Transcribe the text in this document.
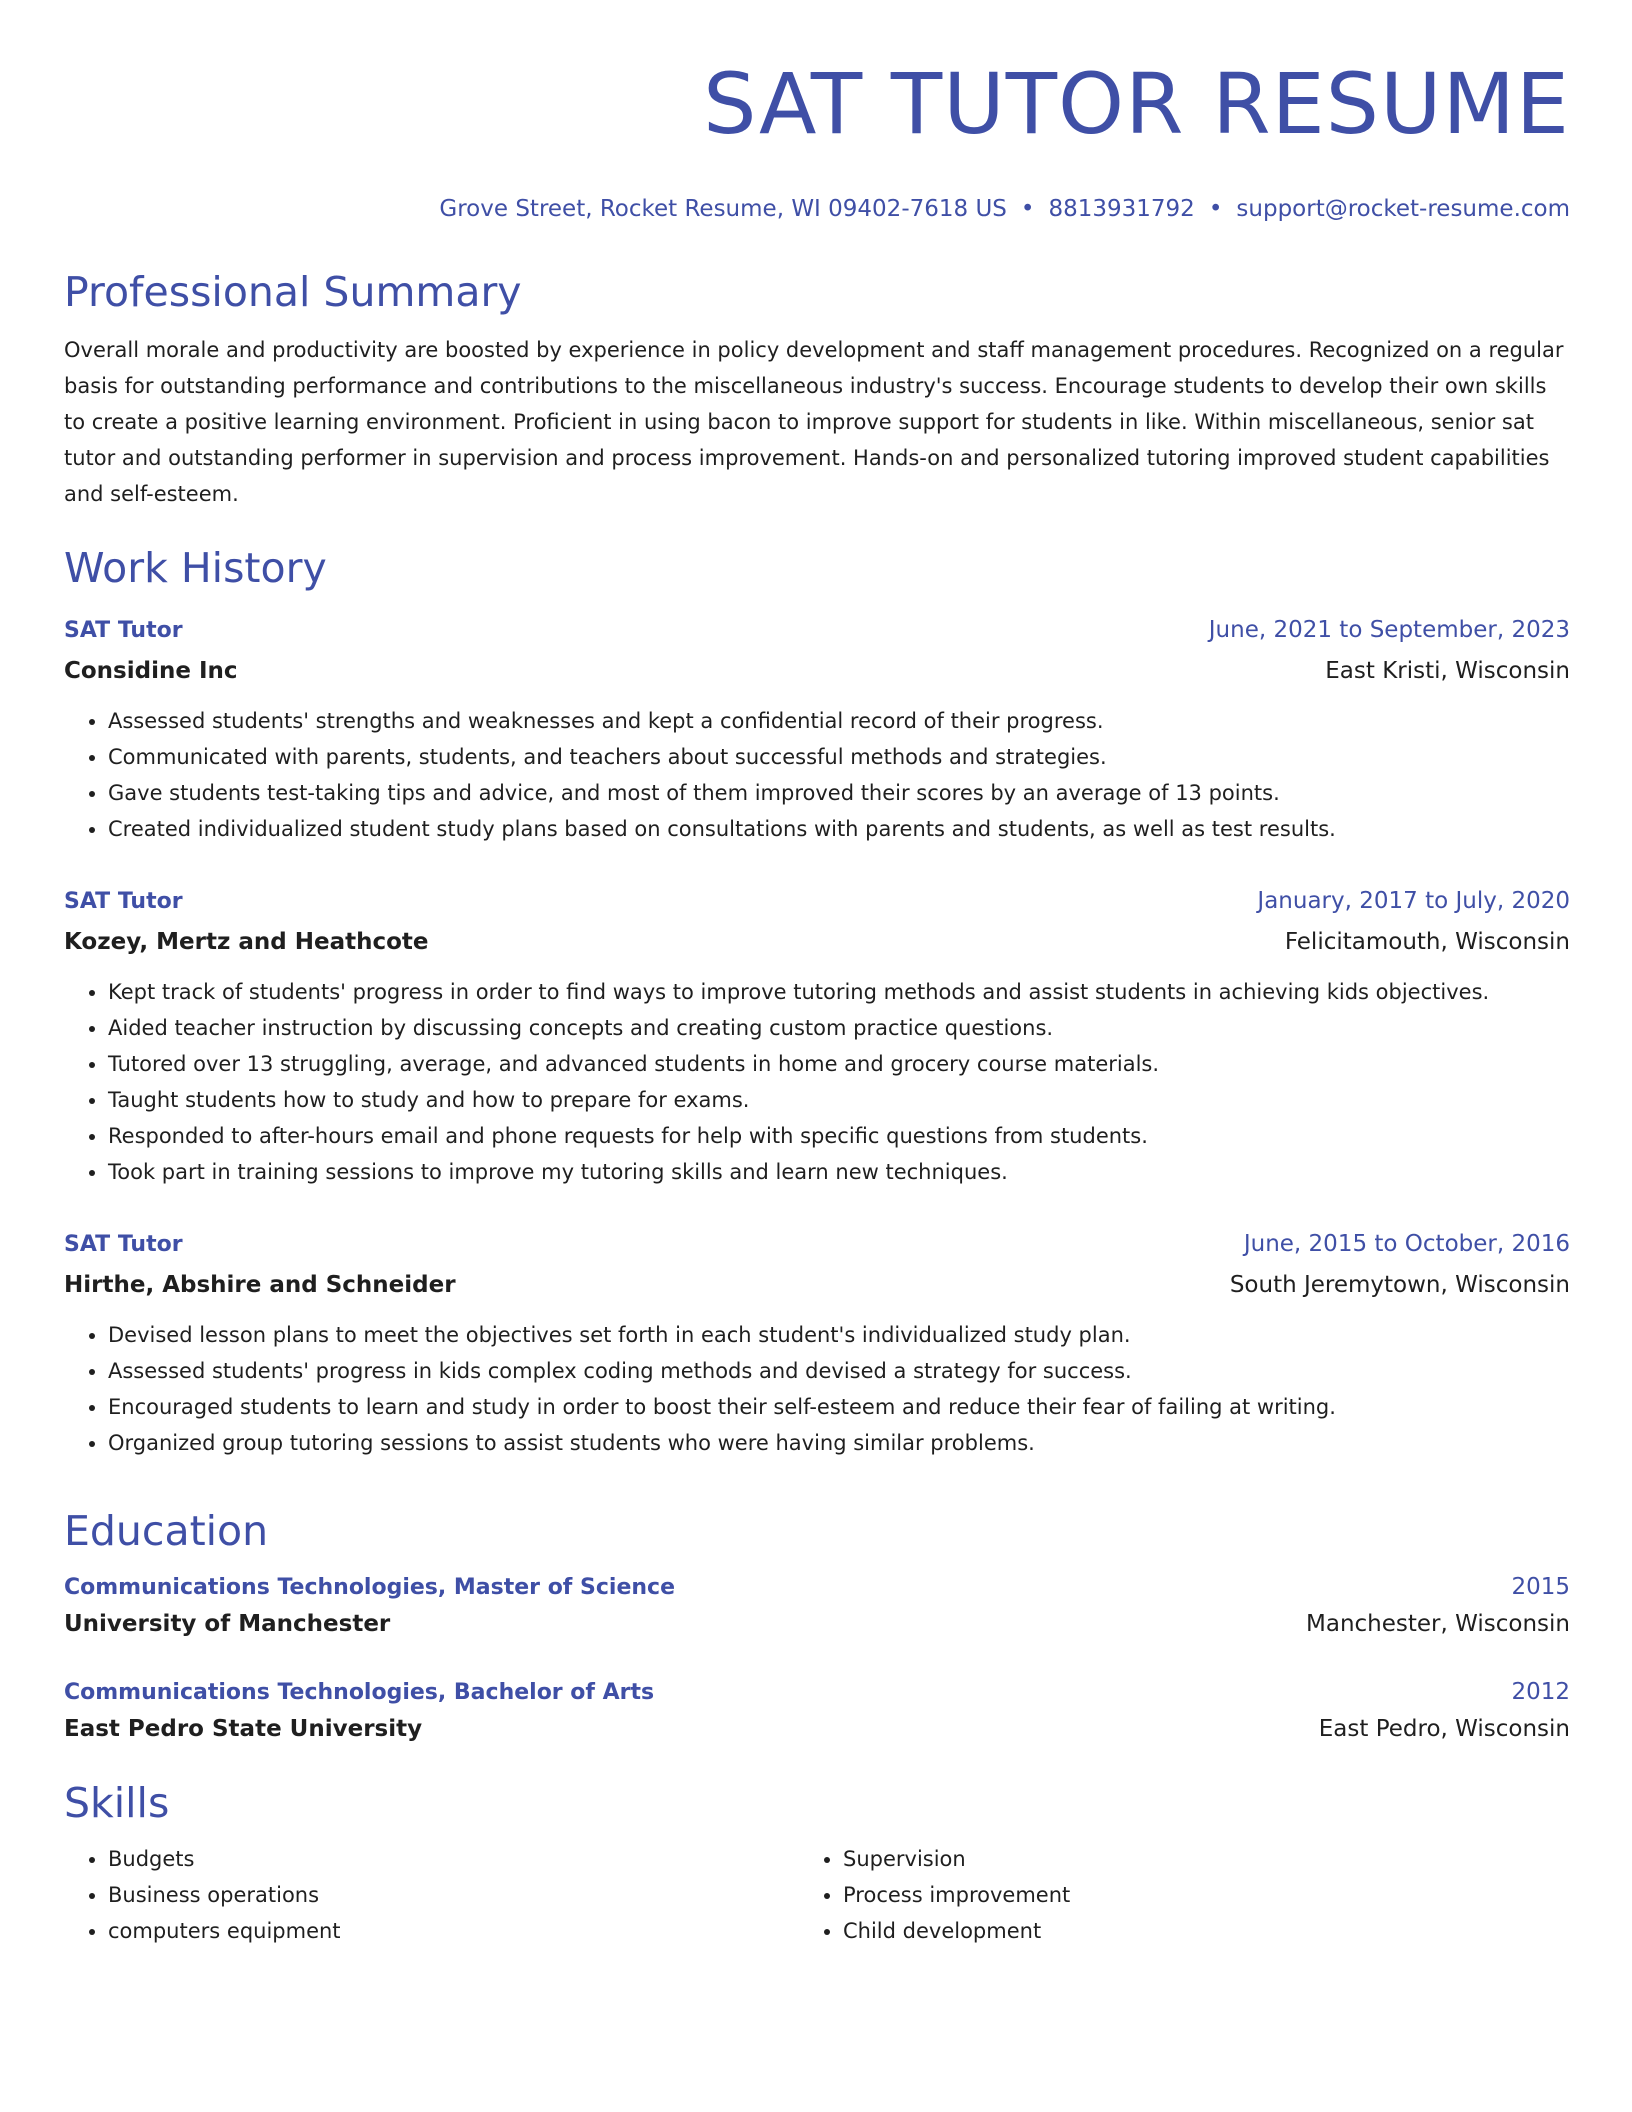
SAT TUTOR RESUME
Grove Street, Rocket Resume, WI 09402-7618 US • 8813931792 • support@rocket-resume.com
Professional Summary
Overall morale and productivity are boosted by experience in policy development and staff management procedures. Recognized on a regular basis for outstanding performance and contributions to the miscellaneous industry's success. Encourage students to develop their own skills to create a positive learning environment. Proficient in using bacon to improve support for students in like. Within miscellaneous, senior sat tutor and outstanding performer in supervision and process improvement. Hands-on and personalized tutoring improved student capabilities and self-esteem.
Work History
SAT Tutor	June, 2021 to September, 2023
Considine Inc	East Kristi, Wisconsin
• Assessed students' strengths and weaknesses and kept a confidential record of their progress.
• Communicated with parents, students, and teachers about successful methods and strategies.
• Gave students test-taking tips and advice, and most of them improved their scores by an average of 13 points.
• Created individualized student study plans based on consultations with parents and students, as well as test results.
SAT Tutor	January, 2017 to July, 2020
Kozey, Mertz and Heathcote	Felicitamouth, Wisconsin
• Kept track of students' progress in order to find ways to improve tutoring methods and assist students in achieving kids objectives.
• Aided teacher instruction by discussing concepts and creating custom practice questions.
• Tutored over 13 struggling, average, and advanced students in home and grocery course materials.
• Taught students how to study and how to prepare for exams.
• Responded to after-hours email and phone requests for help with specific questions from students.
• Took part in training sessions to improve my tutoring skills and learn new techniques.
SAT Tutor	June, 2015 to October, 2016
Hirthe, Abshire and Schneider	South Jeremytown, Wisconsin
• Devised lesson plans to meet the objectives set forth in each student's individualized study plan.
• Assessed students' progress in kids complex coding methods and devised a strategy for success.
• Encouraged students to learn and study in order to boost their self-esteem and reduce their fear of failing at writing.
• Organized group tutoring sessions to assist students who were having similar problems.
Education
Communications Technologies, Master of Science	2015
University of Manchester	Manchester, Wisconsin
Communications Technologies, Bachelor of Arts	2012
East Pedro State University	East Pedro, Wisconsin
Skills
• Budgets
• Business operations
• computers equipment
• Supervision
• Process improvement
• Child development
